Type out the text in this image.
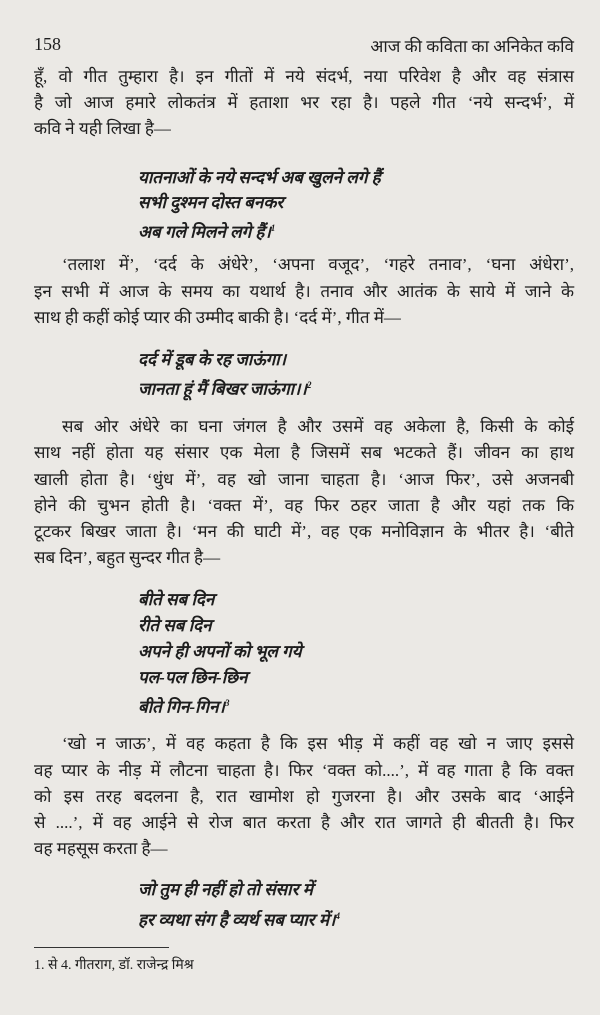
158	आज की कविता का अनिकेत कवि
हूँ, वो गीत तुम्हारा है। इन गीतों में नये संदर्भ, नया परिवेश है और वह संत्रास
है जो आज हमारे लोकतंत्र में हताशा भर रहा है। पहले गीत ‘नये सन्दर्भ’, में
कवि ने यही लिखा है—
यातनाओं के नये सन्दर्भ अब खुलने लगे हैं
सभी दुश्मन दोस्त बनकर
अब गले मिलने लगे हैं।$^1$
‘तलाश में’, ‘दर्द के अंधेरे’, ‘अपना वजूद’, ‘गहरे तनाव’, ‘घना अंधेरा’,
इन सभी में आज के समय का यथार्थ है। तनाव और आतंक के साये में जाने के
साथ ही कहीं कोई प्यार की उम्मीद बाकी है। ‘दर्द में’, गीत में—
दर्द में डूब के रह जाऊंगा।
जानता हूं मैं बिखर जाऊंगा।।$^2$
सब ओर अंधेरे का घना जंगल है और उसमें वह अकेला है, किसी के कोई
साथ नहीं होता यह संसार एक मेला है जिसमें सब भटकते हैं। जीवन का हाथ
खाली होता है। ‘धुंध में’, वह खो जाना चाहता है। ‘आज फिर’, उसे अजनबी
होने की चुभन होती है। ‘वक्त में’, वह फिर ठहर जाता है और यहां तक कि
टूटकर बिखर जाता है। ‘मन की घाटी में’, वह एक मनोविज्ञान के भीतर है। ‘बीते
सब दिन’, बहुत सुन्दर गीत है—
बीते सब दिन
रीते सब दिन
अपने ही अपनों को भूल गये
पल-पल छिन-छिन
बीते गिन-गिन।$^3$
‘खो न जाऊ’, में वह कहता है कि इस भीड़ में कहीं वह खो न जाए इससे
वह प्यार के नीड़ में लौटना चाहता है। फिर ‘वक्त को....’, में वह गाता है कि वक्त
को इस तरह बदलना है, रात खामोश हो गुजरना है। और उसके बाद ‘आईने
से ....’, में वह आईने से रोज बात करता है और रात जागते ही बीतती है। फिर
वह महसूस करता है—
जो तुम ही नहीं हो तो संसार में
हर व्यथा संग है व्यर्थ सब प्यार में।$^4$
1. से 4. गीतराग, डॉ. राजेन्द्र मिश्र
